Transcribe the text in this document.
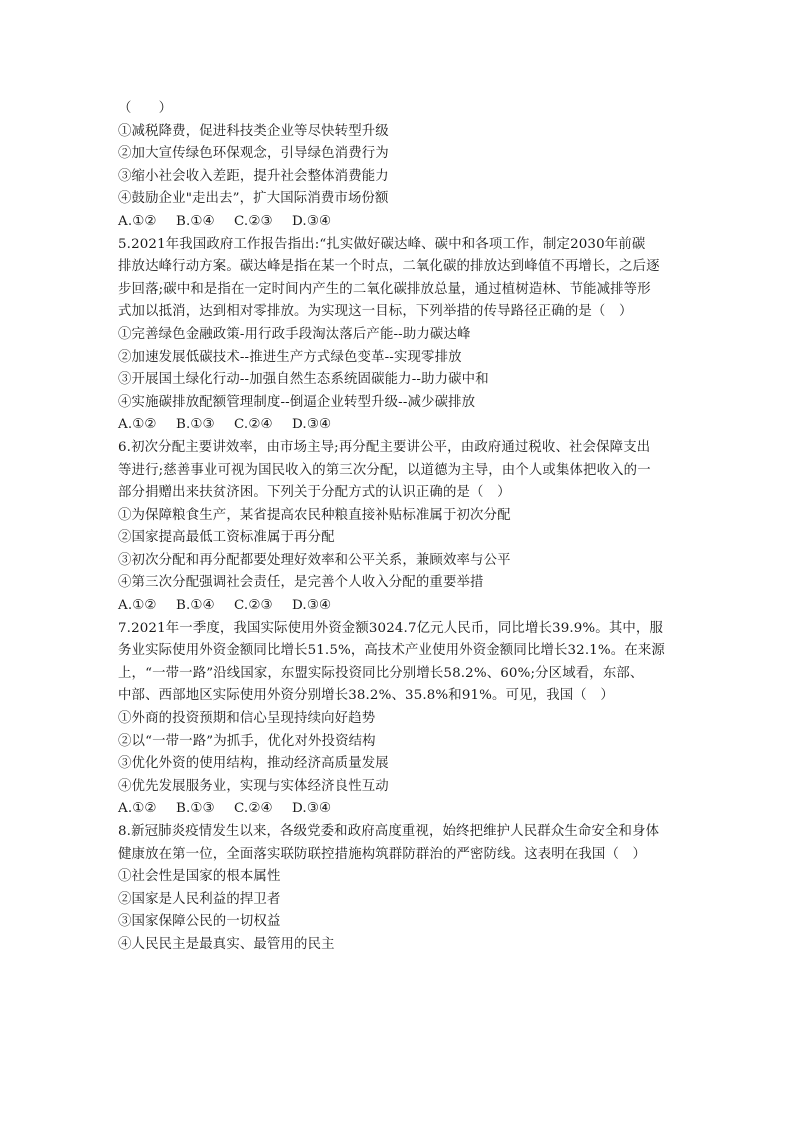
（　　）
①减税降费，促进科技类企业等尽快转型升级
②加大宣传绿色环保观念，引导绿色消费行为
③缩小社会收入差距，提升社会整体消费能力
④鼓励企业"走出去”，扩大国际消费市场份额
A.①②	B.①④	C.②③	D.③④
5.2021年我国政府工作报告指出:“扎实做好碳达峰、碳中和各项工作，制定2030年前碳
排放达峰行动方案。碳达峰是指在某一个时点，二氧化碳的排放达到峰值不再增长，之后逐
步回落;碳中和是指在一定时间内产生的二氧化碳排放总量，通过植树造林、节能减排等形
式加以抵消，达到相对零排放。为实现这一目标，下列举措的传导路径正确的是（　）
①完善绿色金融政策-用行政手段淘汰落后产能--助力碳达峰
②加速发展低碳技术--推进生产方式绿色变革--实现零排放
③开展国土绿化行动--加强自然生态系统固碳能力--助力碳中和
④实施碳排放配额管理制度--倒逼企业转型升级--减少碳排放
A.①②	B.①③	C.②④	D.③④
6.初次分配主要讲效率，由市场主导;再分配主要讲公平，由政府通过税收、社会保障支出
等进行;慈善事业可视为国民收入的第三次分配，以道德为主导，由个人或集体把收入的一
部分捐赠出来扶贫济困。下列关于分配方式的认识正确的是（　）
①为保障粮食生产，某省提高农民种粮直接补贴标准属于初次分配
②国家提高最低工资标准属于再分配
③初次分配和再分配都要处理好效率和公平关系，兼顾效率与公平
④第三次分配强调社会责任，是完善个人收入分配的重要举措
A.①②	B.①④	C.②③	D.③④
7.2021年一季度，我国实际使用外资金额3024.7亿元人民币，同比增长39.9%。其中，服
务业实际使用外资金额同比增长51.5%，高技术产业使用外资金额同比增长32.1%。在来源
上，“一带一路”沿线国家，东盟实际投资同比分别增长58.2%、60%;分区域看，东部、
中部、西部地区实际使用外资分别增长38.2%、35.8%和91%。可见，我国（　）
①外商的投资预期和信心呈现持续向好趋势
②以“一带一路”为抓手，优化对外投资结构
③优化外资的使用结构，推动经济高质量发展
④优先发展服务业，实现与实体经济良性互动
A.①②	B.①③	C.②④	D.③④
8.新冠肺炎疫情发生以来，各级党委和政府高度重视，始终把维护人民群众生命安全和身体
健康放在第一位，全面落实联防联控措施构筑群防群治的严密防线。这表明在我国（　）
①社会性是国家的根本属性
②国家是人民利益的捍卫者
③国家保障公民的一切权益
④人民民主是最真实、最管用的民主
